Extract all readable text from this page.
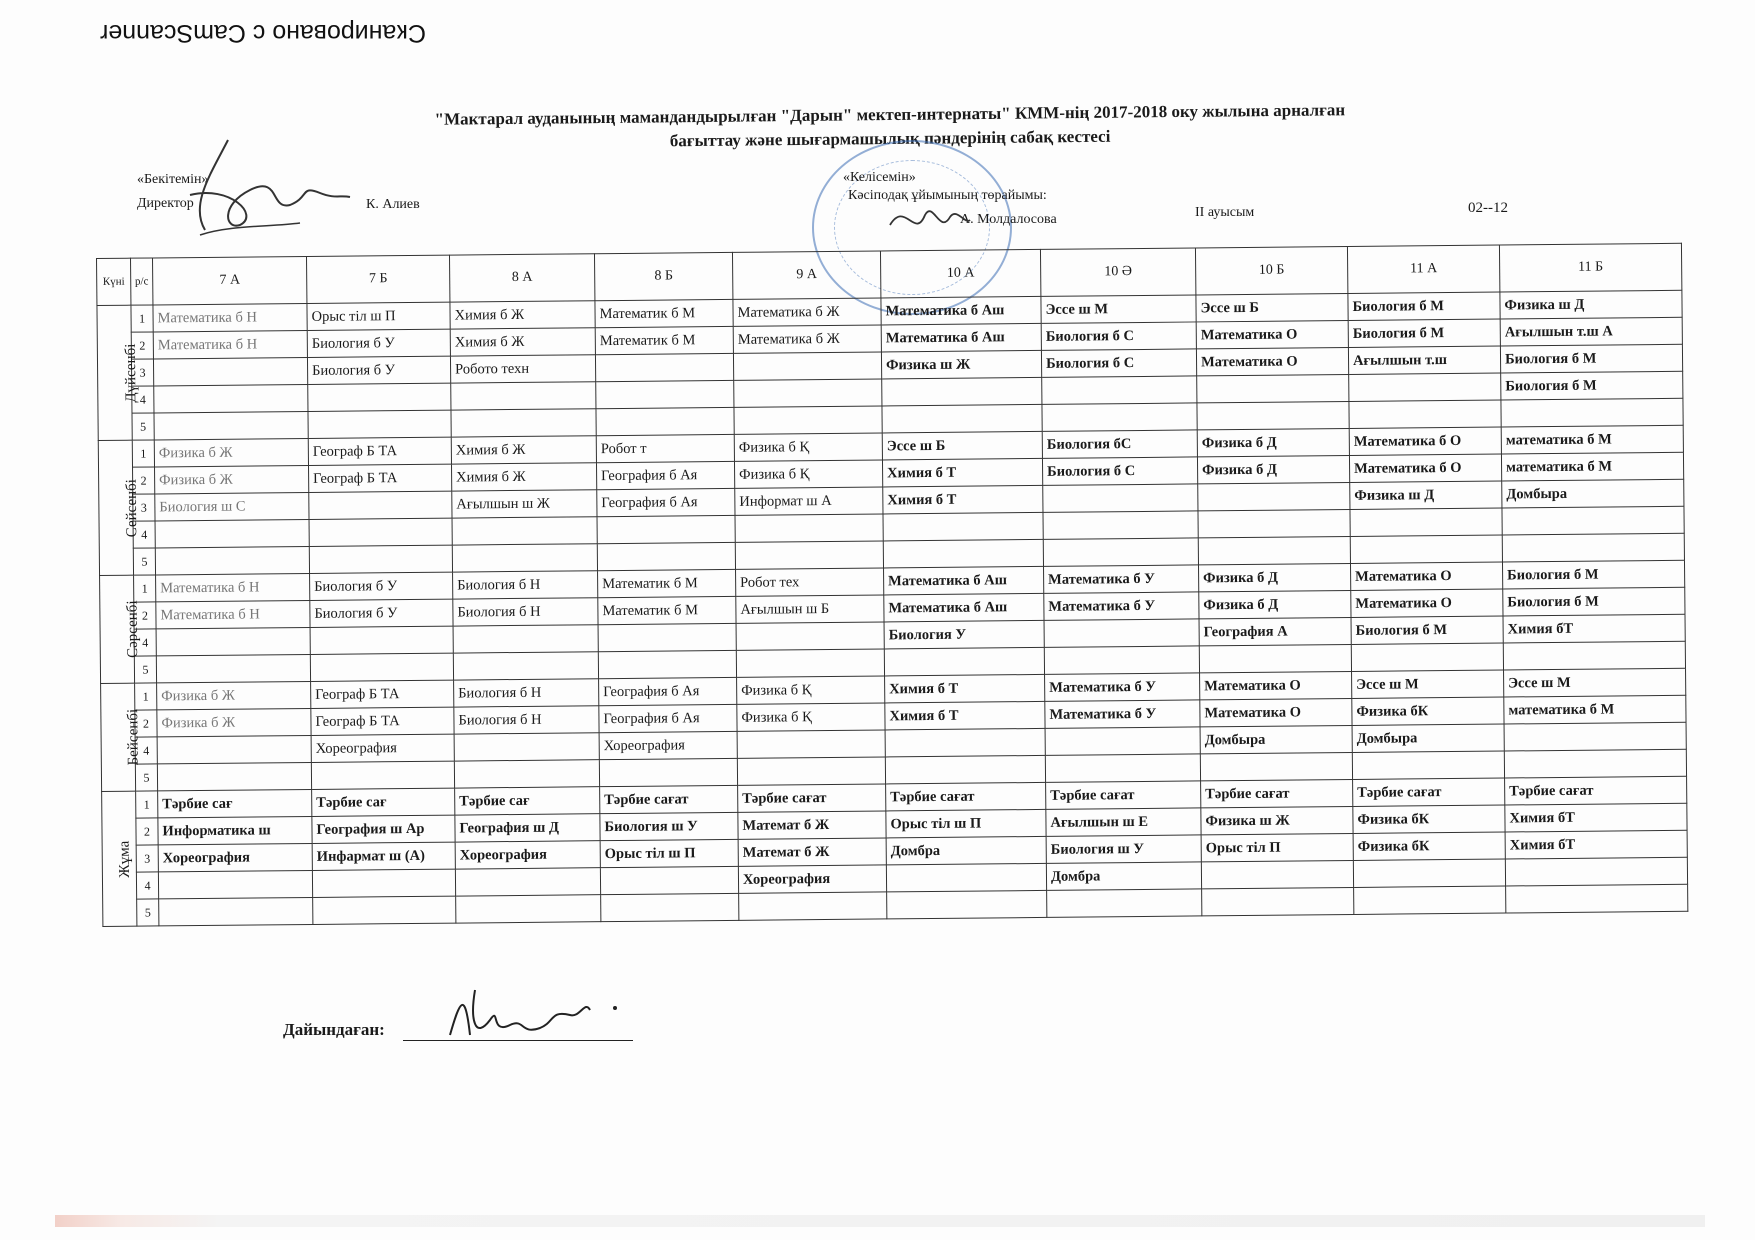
Сканировано с CamScanner
"Мактарал ауданының мамандандырылған "Дарын" мектеп-интернаты" КММ-нің 2017-2018 оку жылына арналған
бағыттау және шығармашылық пәндерінің сабақ кестесі
«Бекітемін»
Директор	К. Алиев
«Келісемін»
Кәсіподақ ұйымының төрайымы:
А. Молдалосова	II ауысым	02--12
Күні	р/с	7 А	7 Б	8 А	8 Б	9 А	10 А	10 Ә	10 Б	11 А	11 Б
Дүйсенбі	1	Математика б Н	Орыс тіл ш П	Химия б Ж	Математик б М	Математика б Ж	Математика б Аш	Эссе ш М	Эссе ш Б	Биология б М	Физика ш Д
	2	Математика б Н	Биология б У	Химия б Ж	Математик б М	Математика б Ж	Математика б Аш	Биология б С	Математика О	Биология б М	Ағылшын т.ш А
	3		Биология б У	Робото техн			Физика ш Ж	Биология б С	Математика О	Ағылшын т.ш	Биология б М
	4										Биология б М
	5										
Сейсенбі	1	Физика б Ж	Географ Б ТА	Химия б Ж	Робот т	Физика б Қ	Эссе ш Б	Биология бС	Физика б Д	Математика б О	математика б М
	2	Физика б Ж	Географ Б ТА	Химия б Ж	География б Ая	Физика б Қ	Химия б Т	Биология б С	Физика б Д	Математика б О	математика б М
	3	Биология ш С		Ағылшын ш Ж	География б Ая	Информат ш А	Химия б Т			Физика ш Д	Домбыра
	4										
	5										
Сәрсенбі	1	Математика б Н	Биология б У	Биология б Н	Математик б М	Робот тех	Математика б Аш	Математика б У	Физика б Д	Математика О	Биология б М
	2	Математика б Н	Биология б У	Биология б Н	Математик б М	Ағылшын ш Б	Математика б Аш	Математика б У	Физика б Д	Математика О	Биология б М
	4						Биология У		География А	Биология б М	Химия бТ
	5										
Бейсенбі	1	Физика б Ж	Географ Б ТА	Биология б Н	География б Ая	Физика б Қ	Химия б Т	Математика б У	Математика О	Эссе ш М	Эссе ш М
	2	Физика б Ж	Географ Б ТА	Биология б Н	География б Ая	Физика б Қ	Химия б Т	Математика б У	Математика О	Физика бК	математика б М
	4		Хореография		Хореография				Домбыра	Домбыра	
	5										
Жұма	1	Тәрбие сағ	Тәрбие сағ	Тәрбие сағ	Тәрбие сағат	Тәрбие сағат	Тәрбие сағат	Тәрбие сағат	Тәрбие сағат	Тәрбие сағат	Тәрбие сағат
	2	Информатика ш	География ш Ар	География ш Д	Биология ш У	Математ б Ж	Орыс тіл ш П	Ағылшын ш Е	Физика ш Ж	Физика бК	Химия бТ
	3	Хореография	Инфармат ш (А)	Хореография	Орыс тіл ш П	Математ б Ж	Домбра	Биология ш У	Орыс тіл П	Физика бК	Химия бТ
	4					Хореография		Домбра			
	5										
Дайындаған:
